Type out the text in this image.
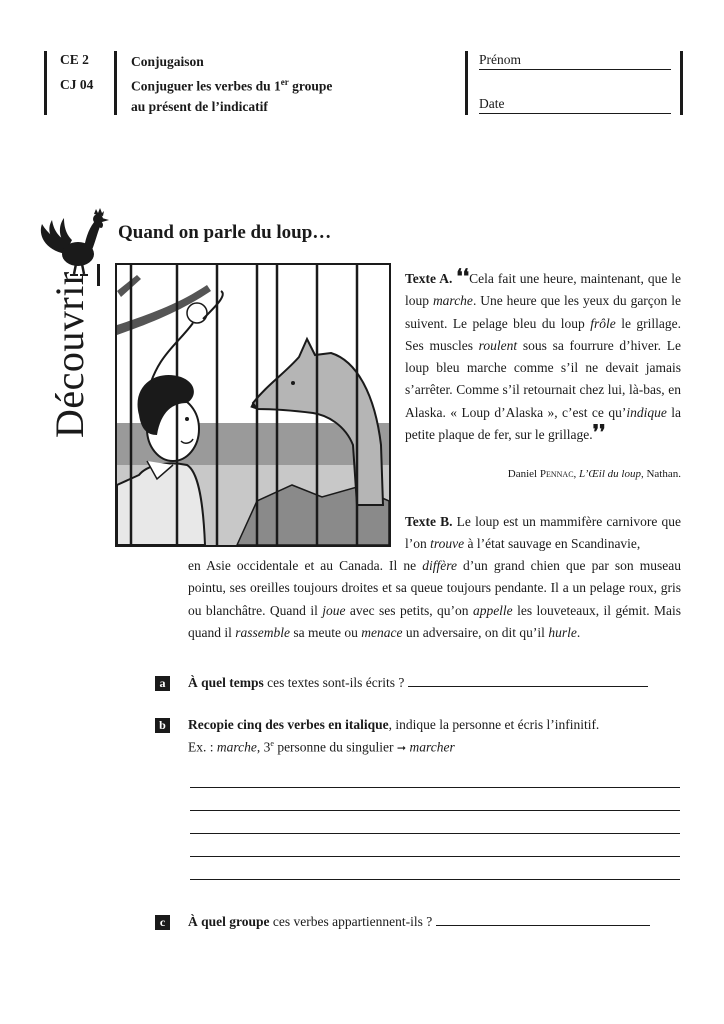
CE 2
CJ 04
Conjugaison
Conjuguer les verbes du 1er groupe
au présent de l’indicatif
Prénom
Date
Découvrir
Quand on parle du loup…
Texte A. ❛❛Cela fait une heure, maintenant, que le loup marche. Une heure que les yeux du garçon le suivent. Le pelage bleu du loup frôle le grillage. Ses muscles roulent sous sa fourrure d’hiver. Le loup bleu marche comme s’il ne devait jamais s’arrêter. Comme s’il retournait chez lui, là-bas, en Alaska. « Loup d’Alaska », c’est ce qu’indique la petite plaque de fer, sur le grillage.❜❜
Daniel Pennac, L’Œil du loup, Nathan.
Texte B. Le loup est un mammifère carnivore que l’on trouve à l’état sauvage en Scandinavie,
en Asie occidentale et au Canada. Il ne diffère d’un grand chien que par son museau pointu, ses oreilles toujours droites et sa queue toujours pendante. Il a un pelage roux, gris ou blanchâtre. Quand il joue avec ses petits, qu’on appelle les louveteaux, il gémit. Mais quand il rassemble sa meute ou menace un adversaire, on dit qu’il hurle.
a	À quel temps ces textes sont-ils écrits ?
b	Recopie cinq des verbes en italique, indique la personne et écris l’infinitif.
Ex. : marche, 3e personne du singulier ➞ marcher
c	À quel groupe ces verbes appartiennent-ils ?
